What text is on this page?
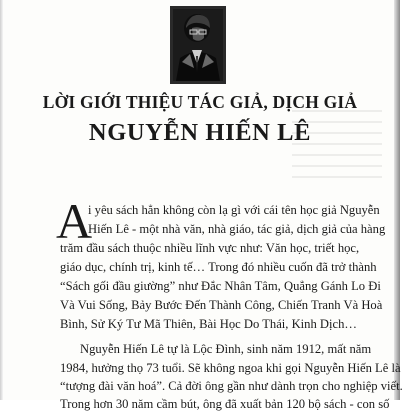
LỜI GIỚI THIỆU TÁC GIẢ, DỊCH GIẢ
NGUYỄN HIẾN LÊ
A
i yêu sách hẳn không còn lạ gì với cái tên học giả Nguyễn
Hiến Lê - một nhà văn, nhà giáo, tác giả, dịch giả của hàng
trăm đầu sách thuộc nhiều lĩnh vực như: Văn học, triết học,
giáo dục, chính trị, kinh tế… Trong đó nhiều cuốn đã trở thành
“Sách gối đầu giường” như Đắc Nhân Tâm, Quẳng Gánh Lo Đi
Và Vui Sống, Bảy Bước Đến Thành Công, Chiến Tranh Và Hoà
Bình, Sử Ký Tư Mã Thiên, Bài Học Do Thái, Kinh Dịch…
Nguyễn Hiến Lê tự là Lộc Đình, sinh năm 1912, mất năm
1984, hưởng thọ 73 tuổi. Sẽ không ngoa khi gọi Nguyễn Hiến Lê là
“tượng đài văn hoá”. Cả đời ông gần như dành trọn cho nghiệp viết.
Trong hơn 30 năm cầm bút, ông đã xuất bản 120 bộ sách - con số
